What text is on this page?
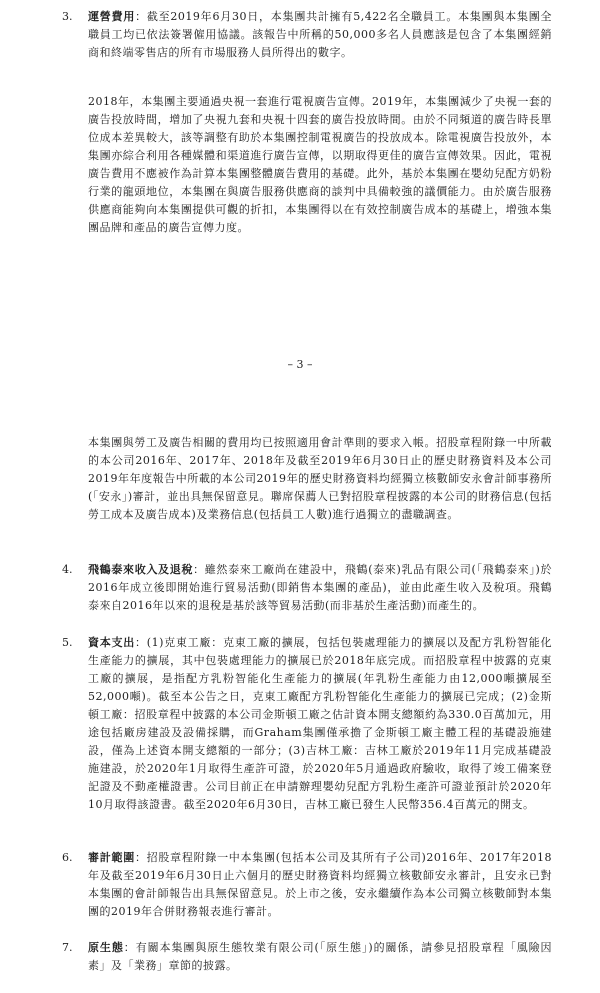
3. 運營費用：截至2019年6月30日，本集團共計擁有5,422名全職員工。本集團與本集團全職員工均已依法簽署僱用協議。該報告中所稱的50,000多名人員應該是包含了本集團經銷商和終端零售店的所有市場服務人員所得出的數字。
2018年，本集團主要通過央視一套進行電視廣告宣傳。2019年，本集團減少了央視一套的廣告投放時間，增加了央視九套和央視十四套的廣告投放時間。由於不同頻道的廣告時長單位成本差異較大，該等調整有助於本集團控制電視廣告的投放成本。除電視廣告投放外，本集團亦綜合利用各種媒體和渠道進行廣告宣傳，以期取得更佳的廣告宣傳效果。因此，電視廣告費用不應被作為計算本集團整體廣告費用的基礎。此外，基於本集團在嬰幼兒配方奶粉行業的龍頭地位，本集團在與廣告服務供應商的談判中具備較強的議價能力。由於廣告服務供應商能夠向本集團提供可觀的折扣，本集團得以在有效控制廣告成本的基礎上，增強本集團品牌和產品的廣告宣傳力度。
– 3 –
本集團與勞工及廣告相關的費用均已按照適用會計準則的要求入帳。招股章程附錄一中所載的本公司2016年、2017年、2018年及截至2019年6月30日止的歷史財務資料及本公司2019年年度報告中所載的本公司2019年的歷史財務資料均經獨立核數師安永會計師事務所(「安永」)審計，並出具無保留意見。聯席保薦人已對招股章程披露的本公司的財務信息(包括勞工成本及廣告成本)及業務信息(包括員工人數)進行過獨立的盡職調查。
4. 飛鶴泰來收入及退稅：雖然泰來工廠尚在建設中，飛鶴(泰來)乳品有限公司(「飛鶴泰來」)於2016年成立後即開始進行貿易活動(即銷售本集團的產品)，並由此產生收入及稅項。飛鶴泰來自2016年以來的退稅是基於該等貿易活動(而非基於生產活動)而產生的。
5. 資本支出：(1)克東工廠：克東工廠的擴展，包括包裝處理能力的擴展以及配方乳粉智能化生產能力的擴展，其中包裝處理能力的擴展已於2018年底完成。而招股章程中披露的克東工廠的擴展，是指配方乳粉智能化生產能力的擴展(年乳粉生產能力由12,000噸擴展至52,000噸)。截至本公告之日，克東工廠配方乳粉智能化生產能力的擴展已完成；(2)金斯頓工廠：招股章程中披露的本公司金斯頓工廠之估計資本開支總額約為330.0百萬加元，用途包括廠房建設及設備採購，而Graham集團僅承擔了金斯頓工廠主體工程的基礎設施建設，僅為上述資本開支總額的一部分；(3)吉林工廠：吉林工廠於2019年11月完成基礎設施建設，於2020年1月取得生產許可證，於2020年5月通過政府驗收，取得了竣工備案登記證及不動產權證書。公司目前正在申請辦理嬰幼兒配方乳粉生產許可證並預計於2020年10月取得該證書。截至2020年6月30日，吉林工廠已發生人民幣356.4百萬元的開支。
6. 審計範圍：招股章程附錄一中本集團(包括本公司及其所有子公司)2016年、2017年2018年及截至2019年6月30日止六個月的歷史財務資料均經獨立核數師安永審計，且安永已對本集團的會計師報告出具無保留意見。於上市之後，安永繼續作為本公司獨立核數師對本集團的2019年合併財務報表進行審計。
7. 原生態：有關本集團與原生態牧業有限公司(「原生態」)的關係，請參見招股章程「風險因素」及「業務」章節的披露。
